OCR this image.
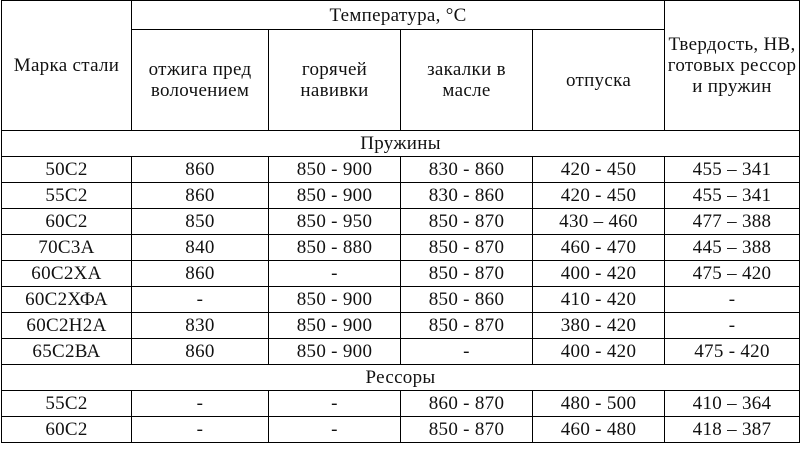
Марка стали	Температура, °С				Твердость, НВ, готовых рессор и пружин
	отжига пред волочением	горячей навивки	закалки в масле	отпуска	
Пружины					
50С2	860	850 - 900	830 - 860	420 - 450	455 – 341
55С2	860	850 - 900	830 - 860	420 - 450	455 – 341
60С2	850	850 - 950	850 - 870	430 – 460	477 – 388
70С3А	840	850 - 880	850 - 870	460 - 470	445 – 388
60С2ХА	860	-	850 - 870	400 - 420	475 – 420
60С2ХФА	-	850 - 900	850 - 860	410 - 420	-
60С2Н2А	830	850 - 900	850 - 870	380 - 420	-
65С2ВА	860	850 - 900	-	400 - 420	475 - 420
Рессоры					
55С2	-	-	860 - 870	480 - 500	410 – 364
60С2	-	-	850 - 870	460 - 480	418 – 387
